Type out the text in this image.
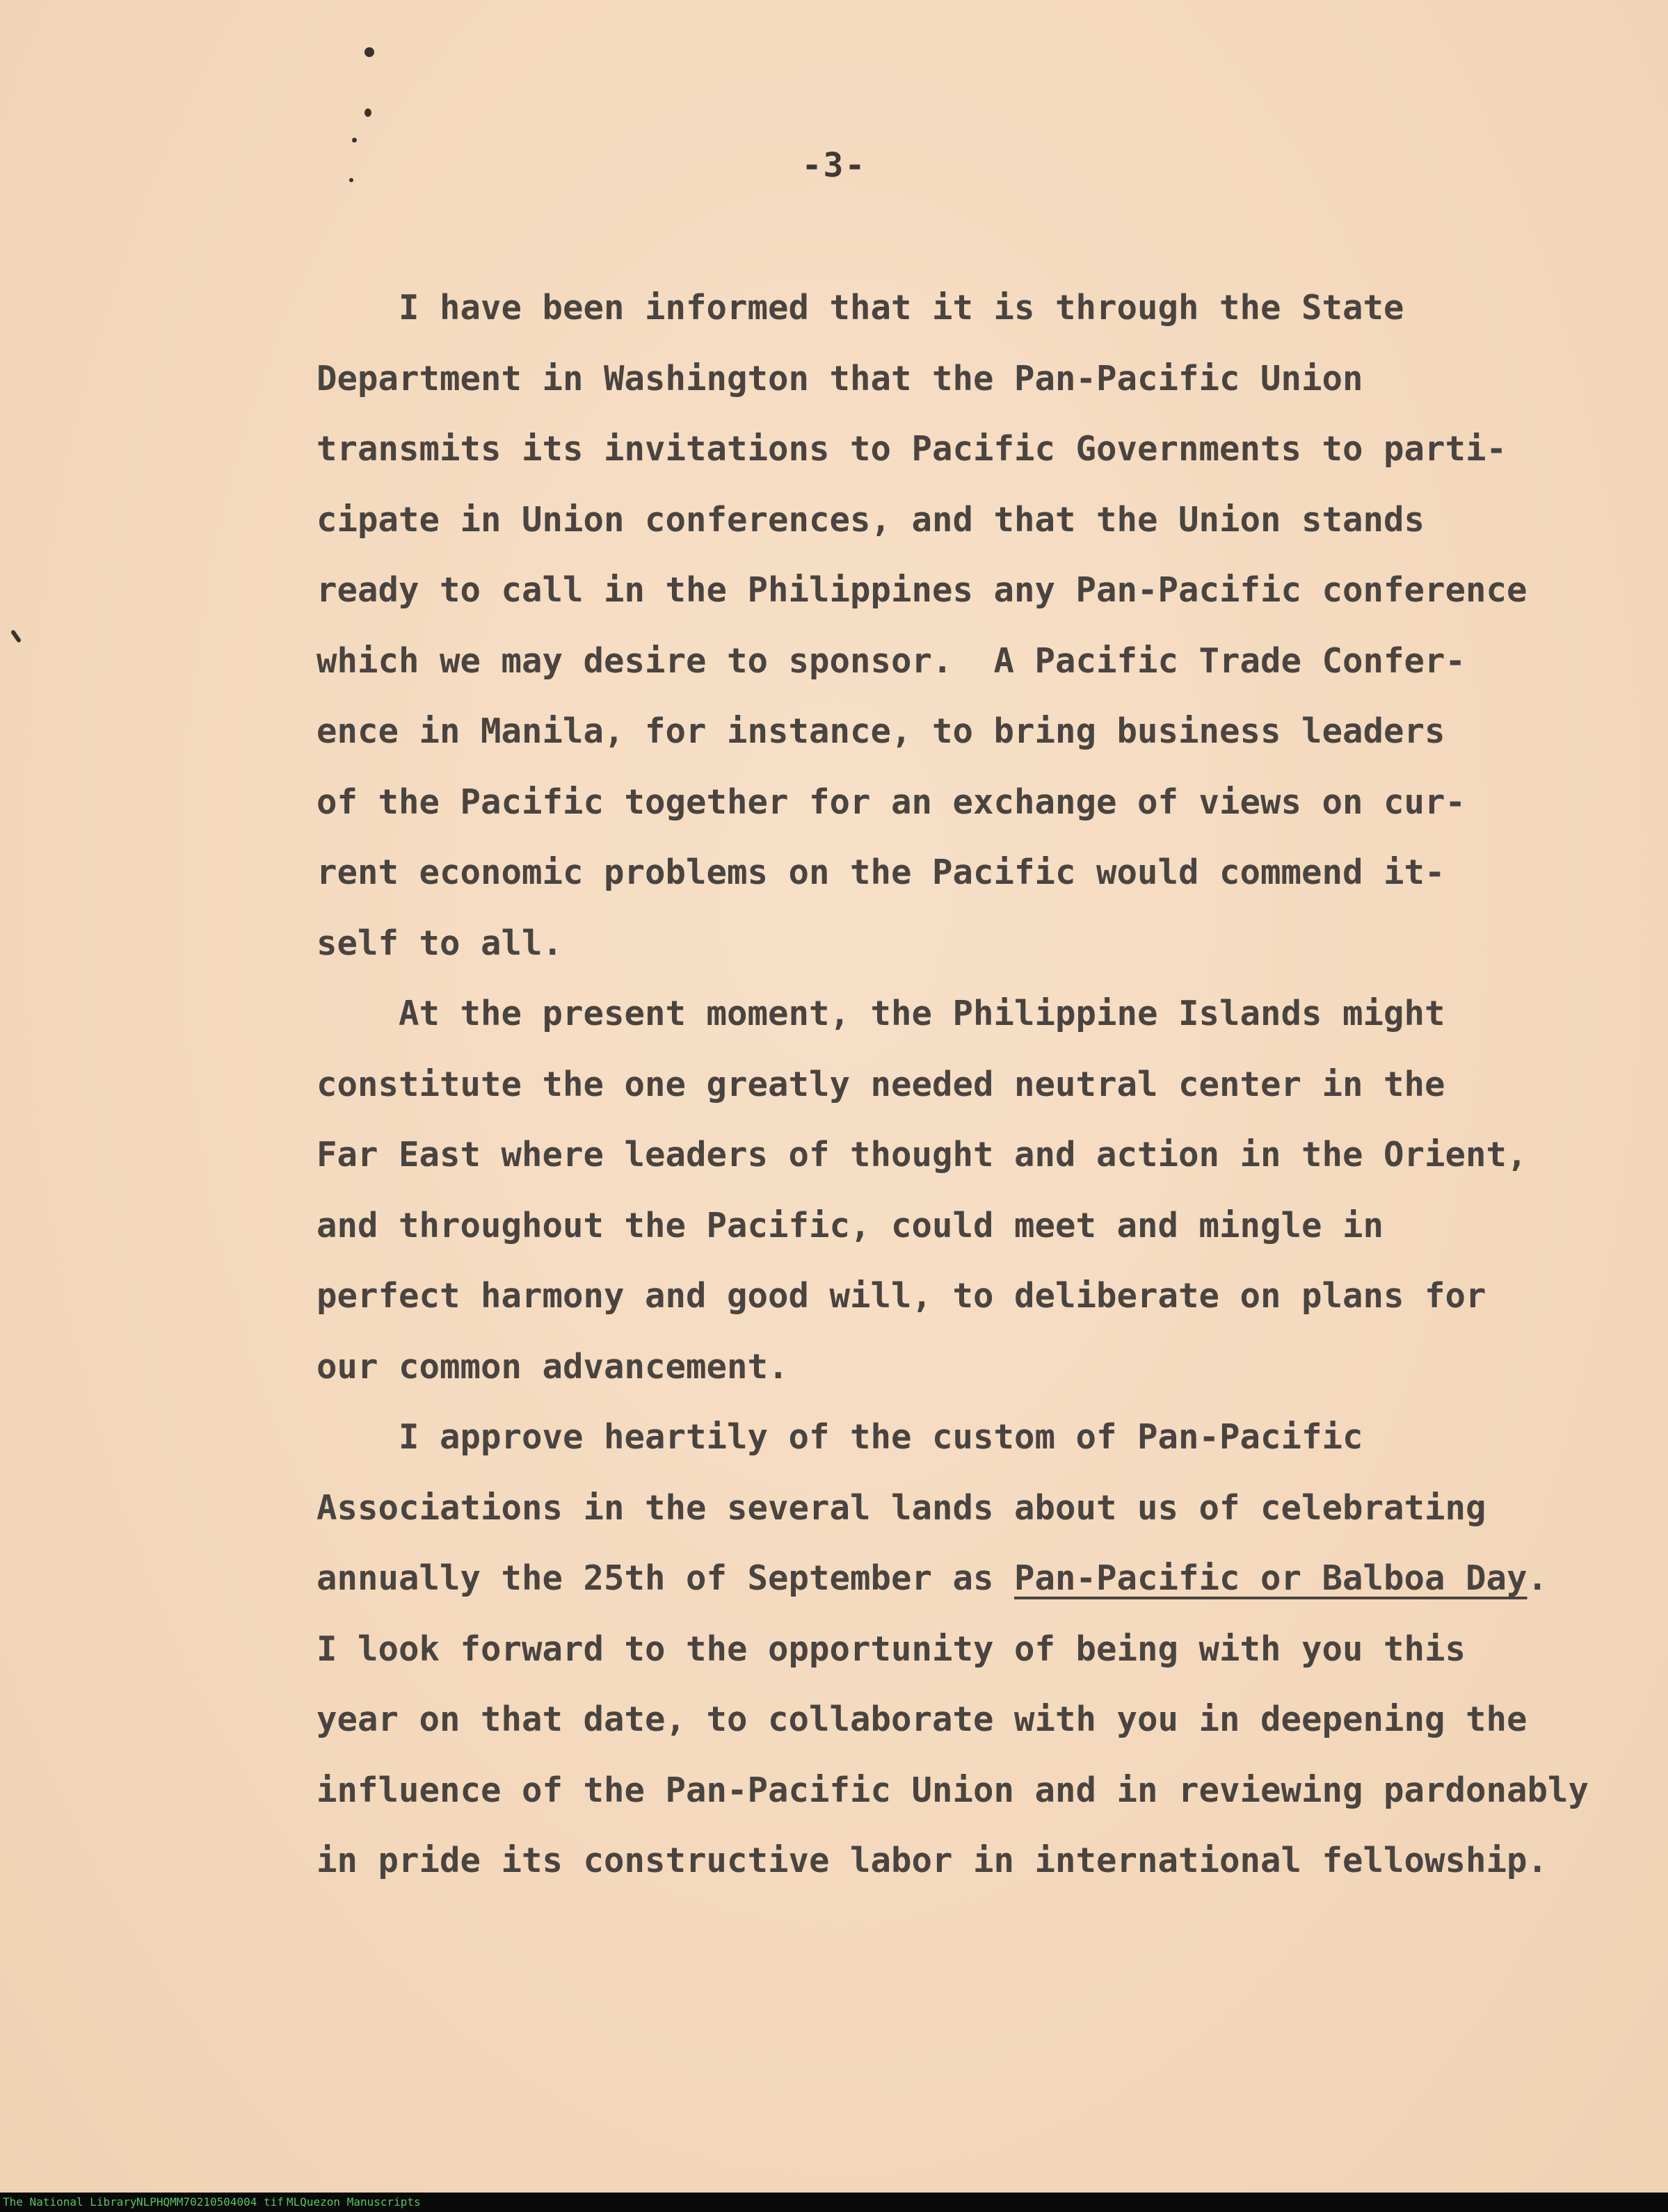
-3-
I have been informed that it is through the State
Department in Washington that the Pan-Pacific Union
transmits its invitations to Pacific Governments to parti-
cipate in Union conferences, and that the Union stands
ready to call in the Philippines any Pan-Pacific conference
which we may desire to sponsor.  A Pacific Trade Confer-
ence in Manila, for instance, to bring business leaders
of the Pacific together for an exchange of views on cur-
rent economic problems on the Pacific would commend it-
self to all.
At the present moment, the Philippine Islands might
constitute the one greatly needed neutral center in the
Far East where leaders of thought and action in the Orient,
and throughout the Pacific, could meet and mingle in
perfect harmony and good will, to deliberate on plans for
our common advancement.
I approve heartily of the custom of Pan-Pacific
Associations in the several lands about us of celebrating
annually the 25th of September as Pan-Pacific or Balboa Day.
I look forward to the opportunity of being with you this
year on that date, to collaborate with you in deepening the
influence of the Pan-Pacific Union and in reviewing pardonably
in pride its constructive labor in international fellowship.
The National Library NLPHQMM70210504004 tif MLQuezon Manuscripts
